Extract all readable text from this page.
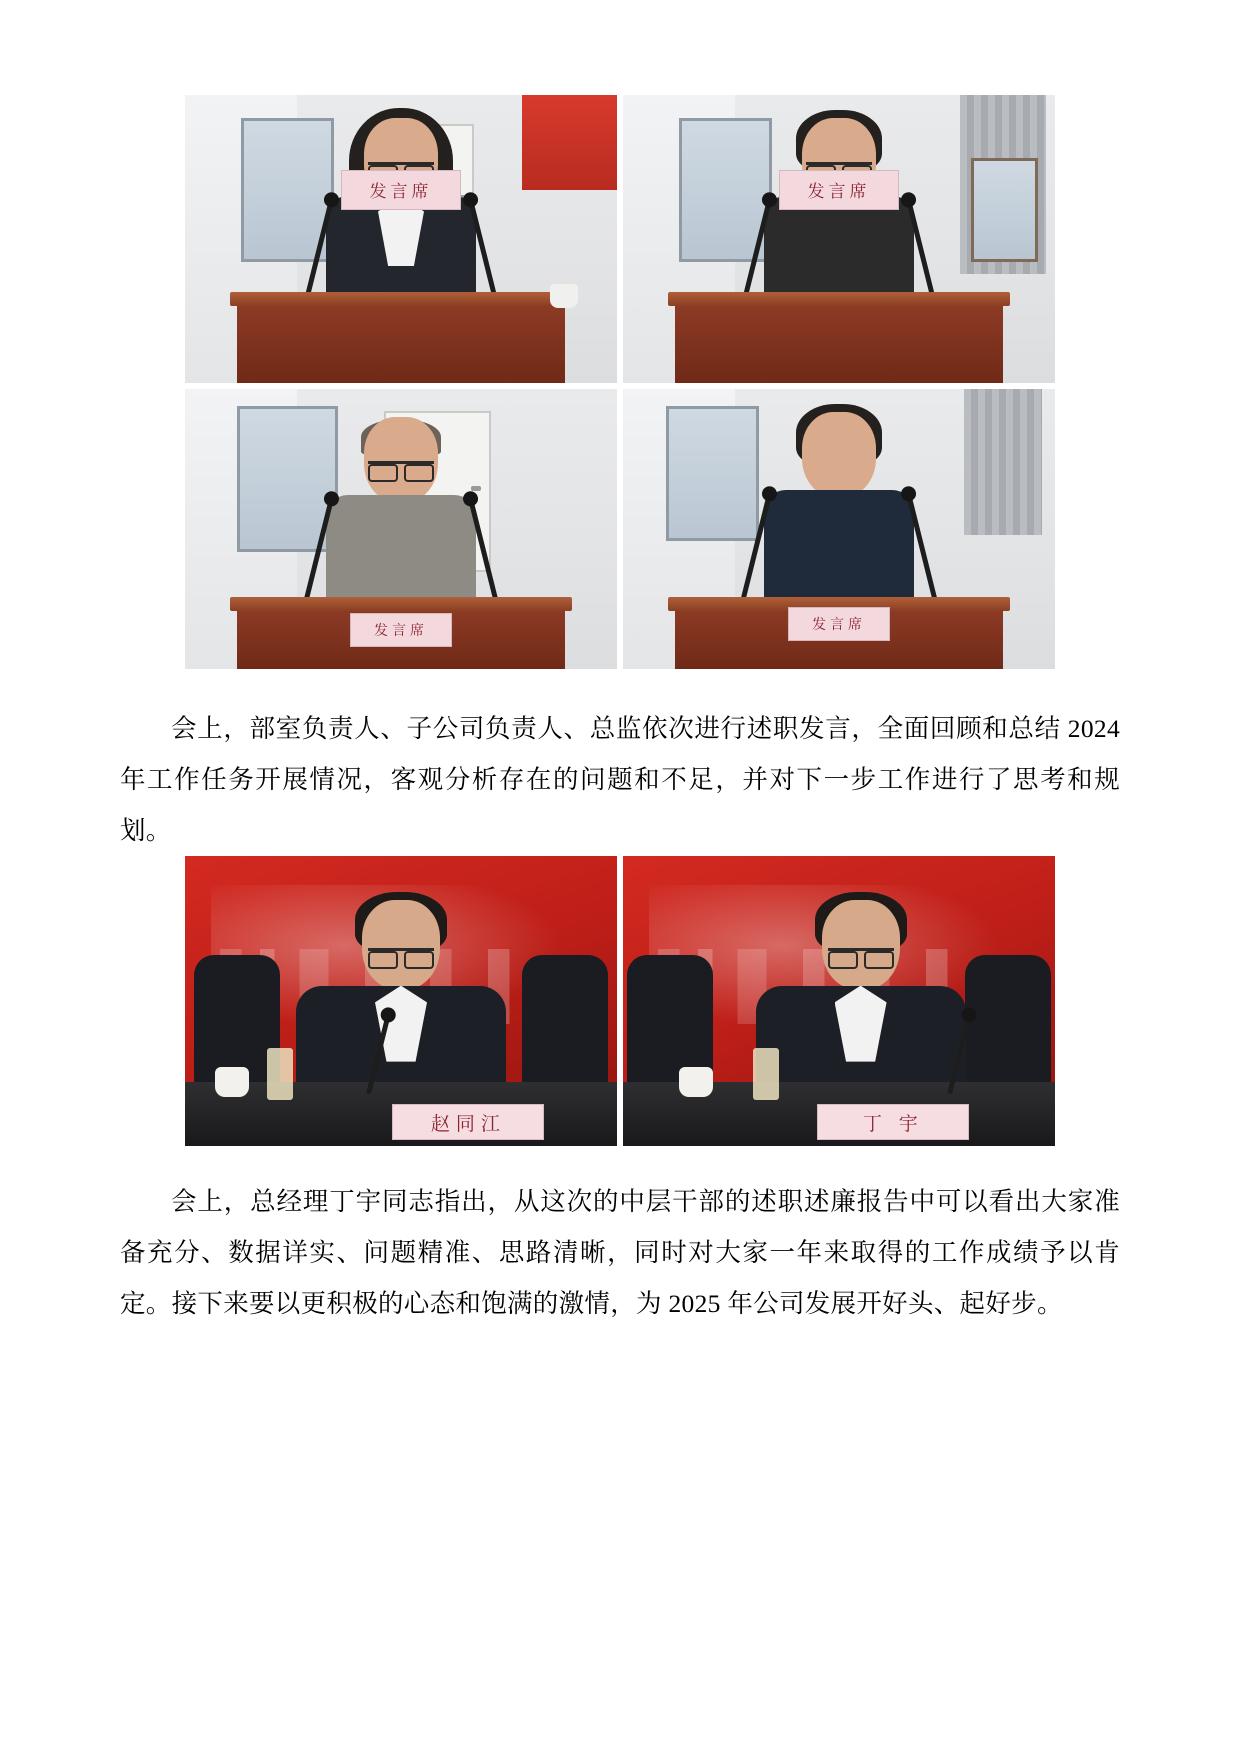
发言席	发言席
发言席	发言席

会上，部室负责人、子公司负责人、总监依次进行述职发言，全面回顾和总结 2024 年工作任务开展情况，客观分析存在的问题和不足，并对下一步工作进行了思考和规划。

赵同江	丁 宇

会上，总经理丁宇同志指出，从这次的中层干部的述职述廉报告中可以看出大家准备充分、数据详实、问题精准、思路清晰，同时对大家一年来取得的工作成绩予以肯定。接下来要以更积极的心态和饱满的激情，为 2025 年公司发展开好头、起好步。
